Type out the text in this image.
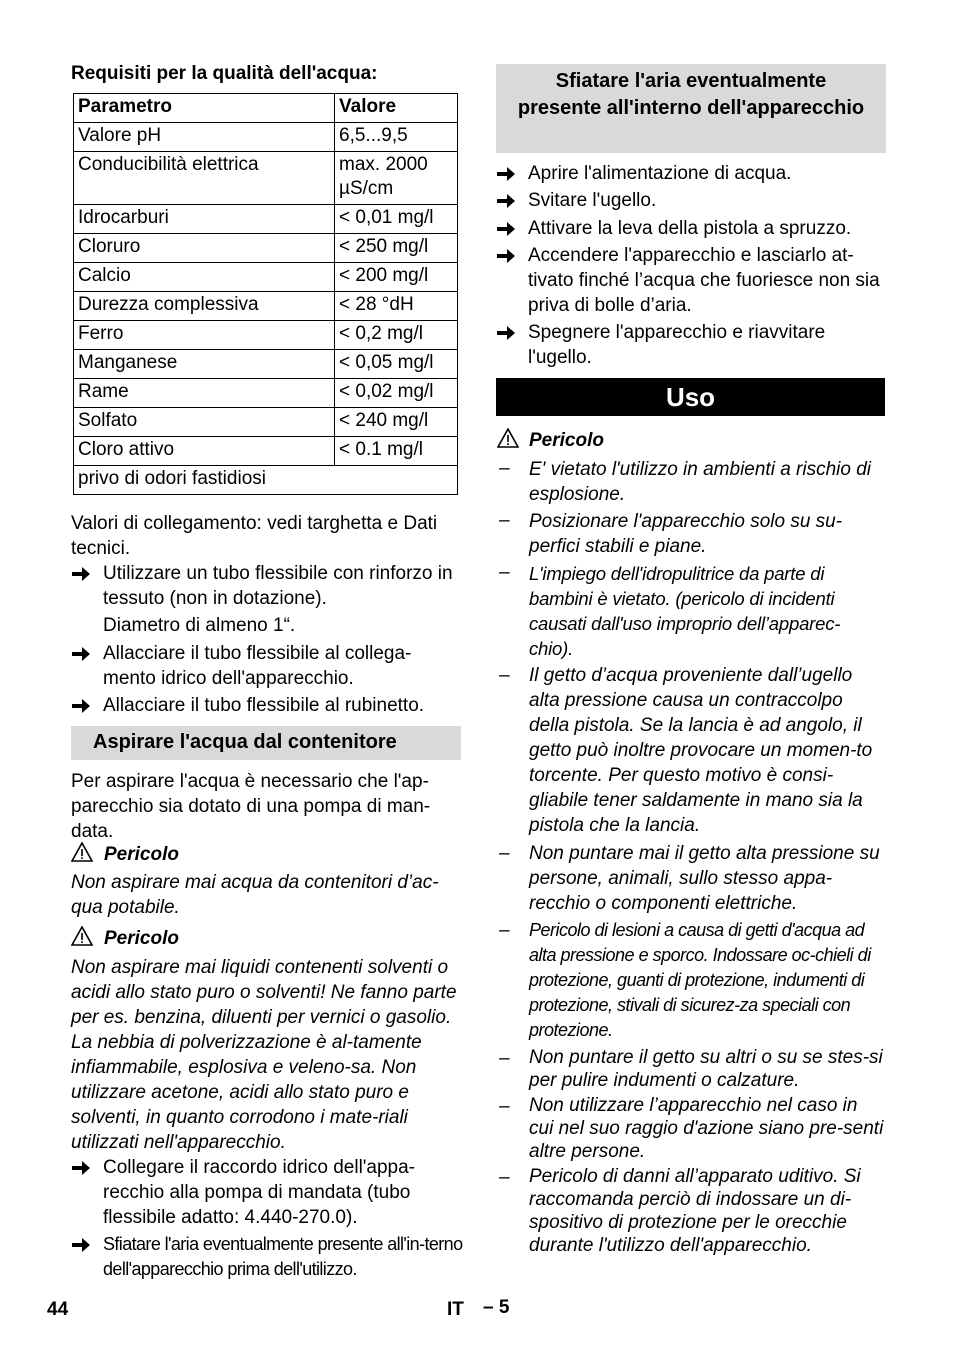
Requisiti per la qualità dell'acqua:
Parametro	Valore
Valore pH	6,5...9,5
Conducibilità elettrica	max. 2000 µS/cm
Idrocarburi	< 0,01 mg/l
Cloruro	< 250 mg/l
Calcio	< 200 mg/l
Durezza complessiva	< 28 °dH
Ferro	< 0,2 mg/l
Manganese	< 0,05 mg/l
Rame	< 0,02 mg/l
Solfato	< 240 mg/l
Cloro attivo	< 0.1 mg/l
privo di odori fastidiosi	
Valori di collegamento: vedi targhetta e Dati tecnici.
Utilizzare un tubo flessibile con rinforzo in tessuto (non in dotazione).
Diametro di almeno 1“.
Allacciare il tubo flessibile al collega-mento idrico dell'apparecchio.
Allacciare il tubo flessibile al rubinetto.
Aspirare l'acqua dal contenitore
Per aspirare l'acqua è necessario che l'ap-parecchio sia dotato di una pompa di man-data.
Pericolo
Non aspirare mai acqua da contenitori d’ac-qua potabile.
Pericolo
Non aspirare mai liquidi contenenti solventi o acidi allo stato puro o solventi! Ne fanno parte per es. benzina, diluenti per vernici o gasolio. La nebbia di polverizzazione è al-tamente infiammabile, esplosiva e veleno-sa. Non utilizzare acetone, acidi allo stato puro e solventi, in quanto corrodono i mate-riali utilizzati nell'apparecchio.
Collegare il raccordo idrico dell'appa-recchio alla pompa di mandata (tubo flessibile adatto: 4.440-270.0).
Sfiatare l'aria eventualmente presente all'in-terno dell'apparecchio prima dell'utilizzo.
Sfiatare l'aria eventualmente presente all'interno dell'apparecchio
Aprire l'alimentazione di acqua.
Svitare l'ugello.
Attivare la leva della pistola a spruzzo.
Accendere l'apparecchio e lasciarlo at-tivato finché l’acqua che fuoriesce non sia priva di bolle d’aria.
Spegnere l'apparecchio e riavvitare l'ugello.
Uso
Pericolo
– E' vietato l'utilizzo in ambienti a rischio di esplosione.
– Posizionare l'apparecchio solo su su-perfici stabili e piane.
– L'impiego dell'idropulitrice da parte di bambini è vietato. (pericolo di incidenti causati dall'uso improprio dell’apparec-chio).
– Il getto d’acqua proveniente dall’ugello alta pressione causa un contraccolpo della pistola. Se la lancia è ad angolo, il getto può inoltre provocare un momen-to torcente. Per questo motivo è consi-gliabile tener saldamente in mano sia la pistola che la lancia.
– Non puntare mai il getto alta pressione su persone, animali, sullo stesso appa-recchio o componenti elettriche.
– Pericolo di lesioni a causa di getti d'acqua ad alta pressione e sporco. Indossare oc-chieli di protezione, guanti di protezione, indumenti di protezione, stivali di sicurez-za speciali con protezione.
– Non puntare il getto su altri o su se stes-si per pulire indumenti o calzature.
– Non utilizzare l’apparecchio nel caso in cui nel suo raggio d'azione siano pre-senti altre persone.
– Pericolo di danni all’apparato uditivo. Si raccomanda perciò di indossare un di-spositivo di protezione per le orecchie durante l'utilizzo dell'apparecchio.
44	IT – 5
